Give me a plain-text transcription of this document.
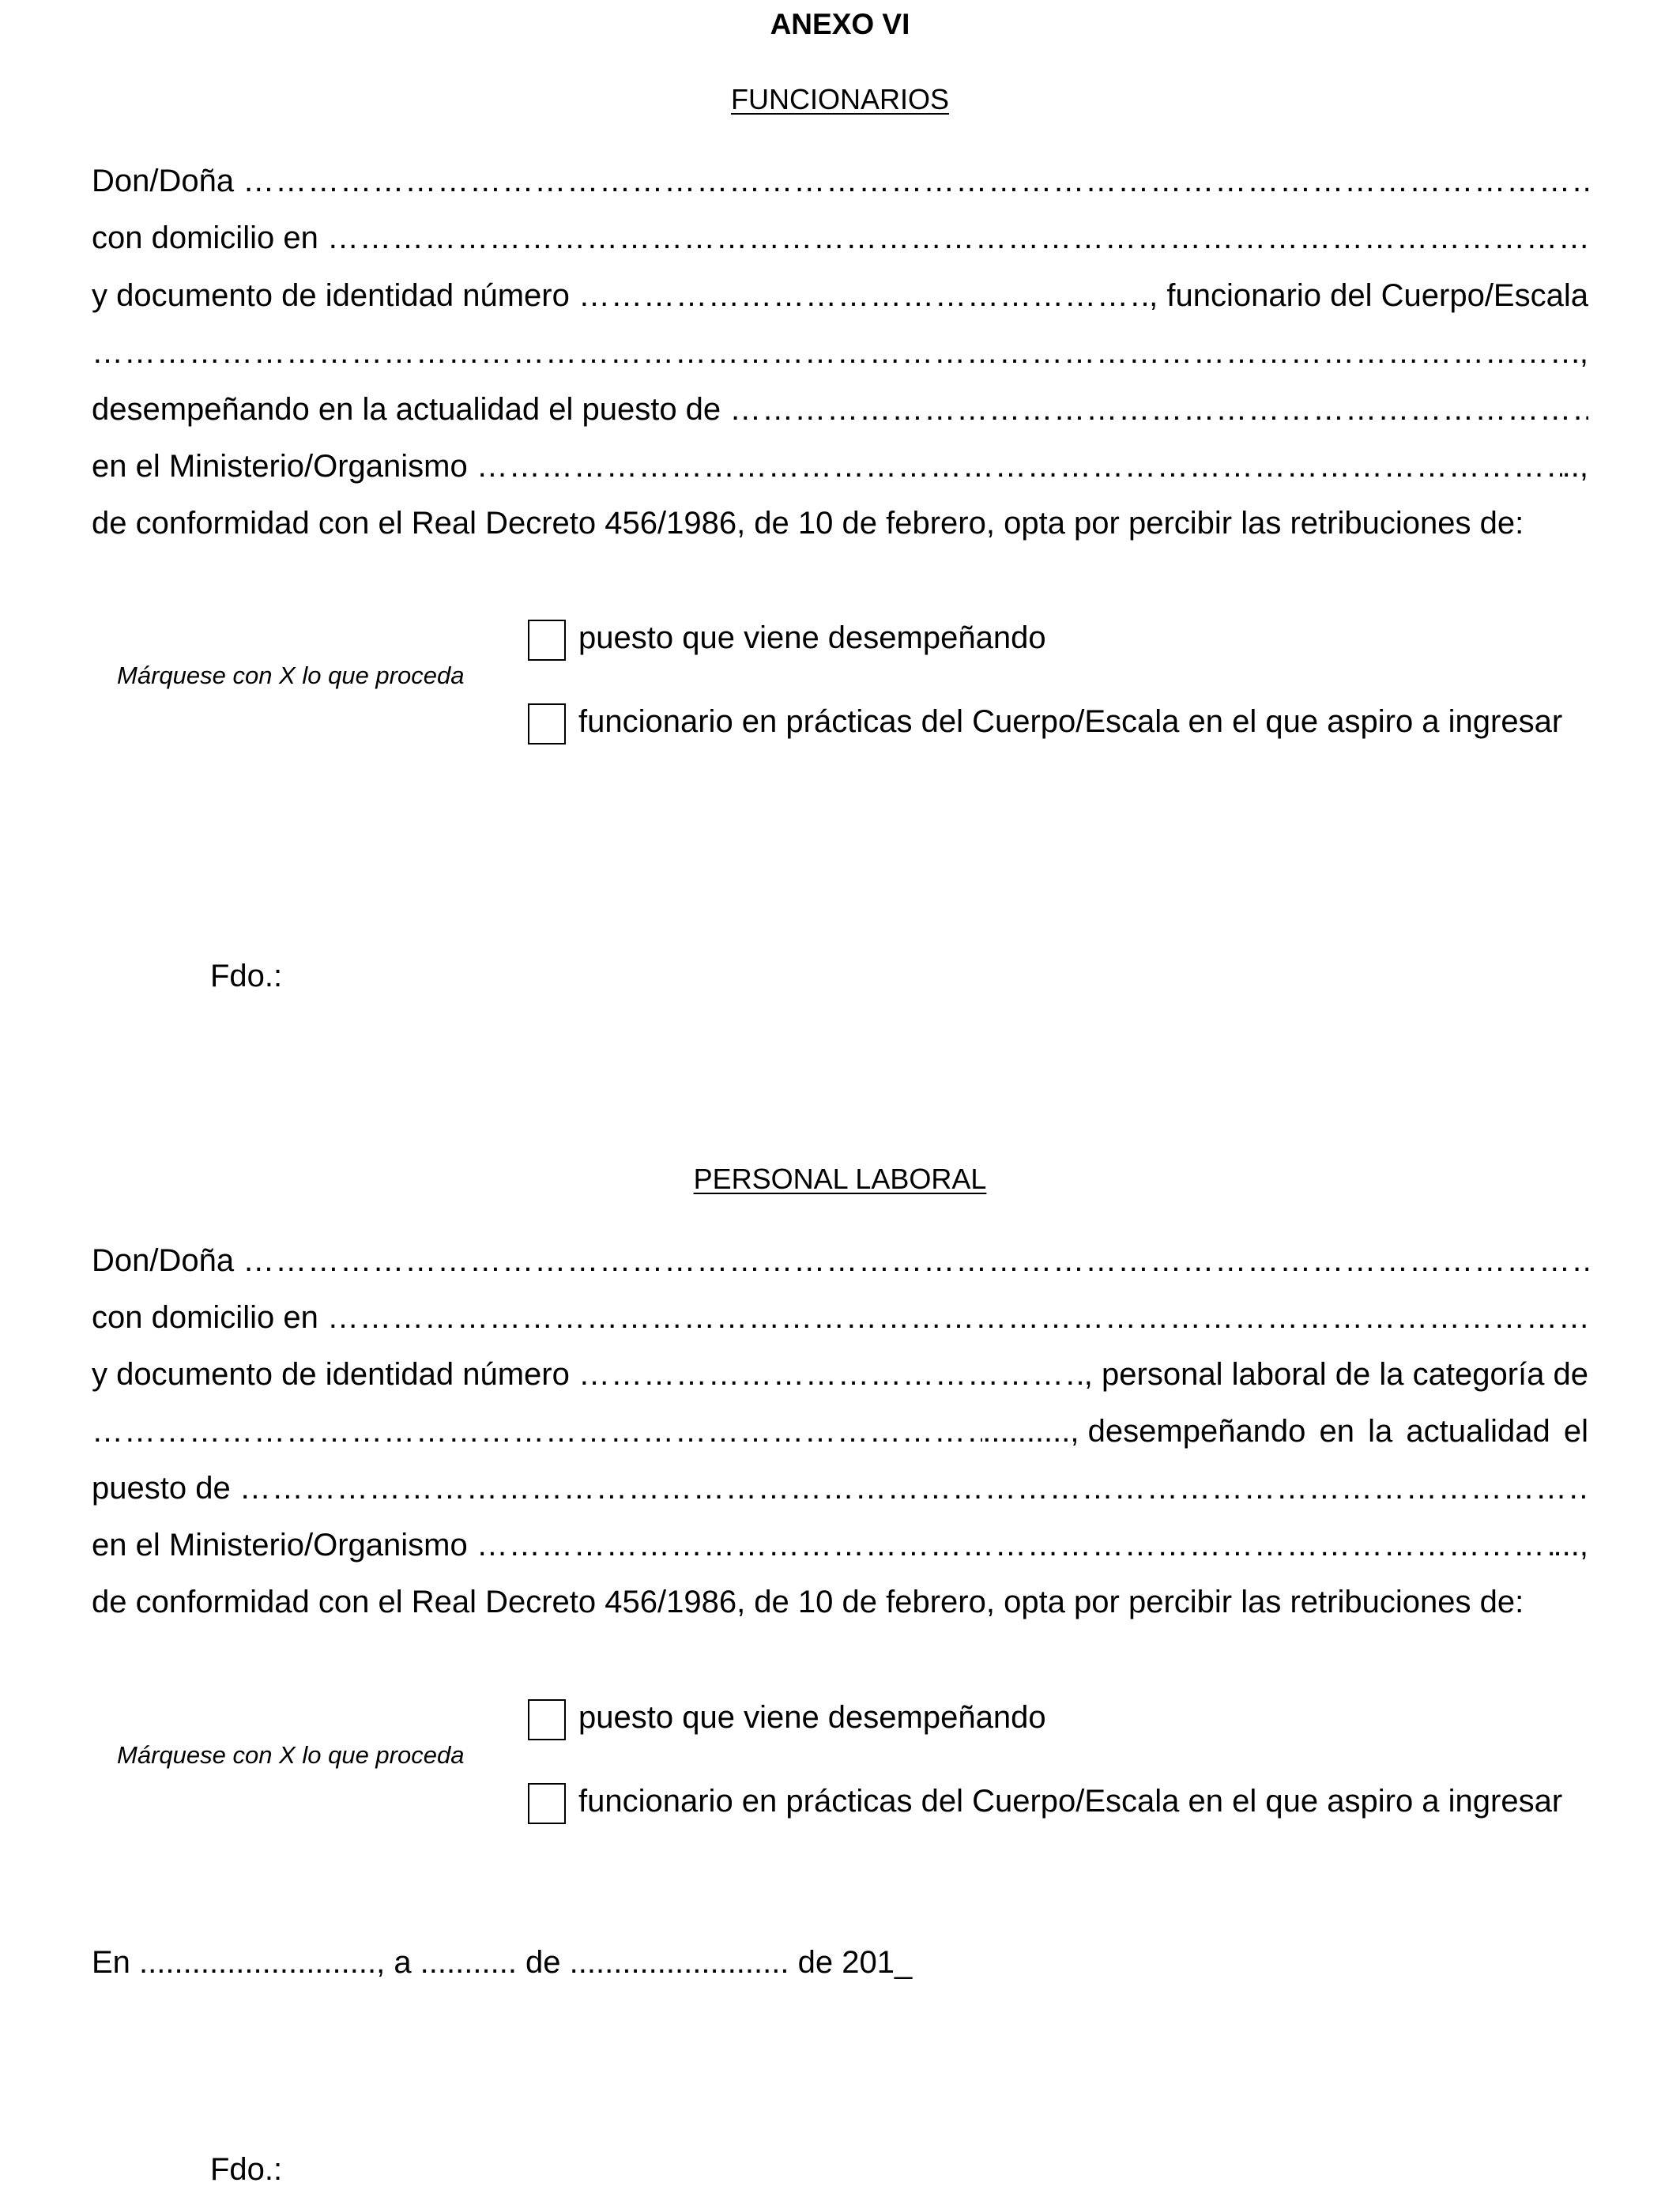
ANEXO VI
FUNCIONARIOS
Don/Doña

………………………………………………………………………………………………………………………………………………………………………………………………………………………………………………………
con domicilio en

………………………………………………………………………………………………………………………………………………………………………………………………………………………………………………………
y documento de identidad número
………………………………………………………………………………………………………………………………………………………………………………………………………………………………………………………	, funcionario del Cuerpo/Escala
………………………………………………………………………………………………………………………………………………………………………………………………………………………………………………………
,
desempeñando en la actualidad el puesto de

………………………………………………………………………………………………………………………………………………………………………………………………………………………………………………………
en el Ministerio/Organismo
………………………………………………………………………………………………………………………………………………………………………………………………………………………………………………………	..,
de conformidad con el Real Decreto 456/1986, de 10 de febrero, opta por percibir las retribuciones de:
Márquese con X lo que proceda
puesto que viene desempeñando
funcionario en prácticas del Cuerpo/Escala en el que aspiro a ingresar
Fdo.:
PERSONAL LABORAL
Don/Doña

………………………………………………………………………………………………………………………………………………………………………………………………………………………………………………………
con domicilio en

………………………………………………………………………………………………………………………………………………………………………………………………………………………………………………………
y documento de identidad número
………………………………………………………………………………………………………………………………………………………………………………………………………………………………………………………	, personal laboral de la categoría de
………………………………………………………………………………………………………………………………………………………………………………………………………………………………………………………
..........,
desempeñando en la actualidad el
puesto de

………………………………………………………………………………………………………………………………………………………………………………………………………………………………………………………
en el Ministerio/Organismo
………………………………………………………………………………………………………………………………………………………………………………………………………………………………………………………	...,
de conformidad con el Real Decreto 456/1986, de 10 de febrero, opta por percibir las retribuciones de:
Márquese con X lo que proceda
puesto que viene desempeñando
funcionario en prácticas del Cuerpo/Escala en el que aspiro a ingresar
En ..........................., a ........... de ......................... de 201_
Fdo.:
